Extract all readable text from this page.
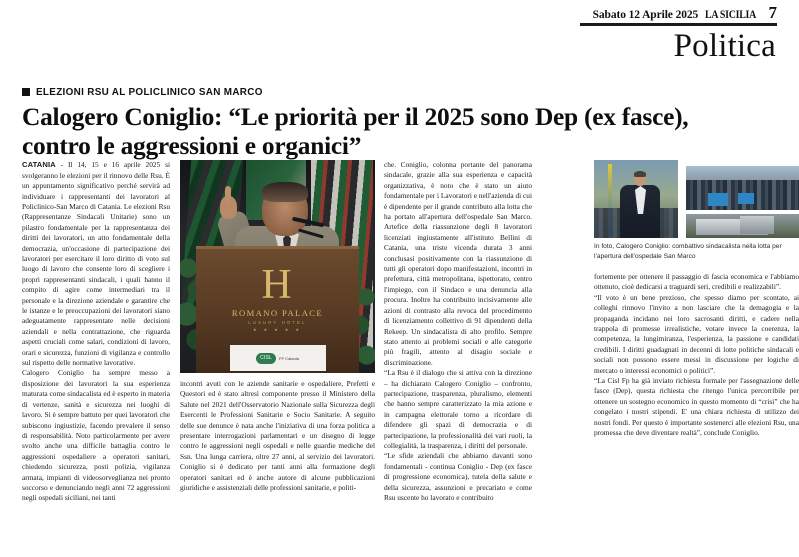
Sabato 12 Aprile 2025 LA SICILIA 7
Politica
ELEZIONI RSU AL POLICLINICO SAN MARCO
Calogero Coniglio: “Le priorità per il 2025 sono Dep (ex fasce),
contro le aggressioni e organici”

CATANIA - Il 14, 15 e 16 aprile 2025 si svolgeranno le elezioni per il rinnovo delle Rsu. È un appuntamento significativo perché servirà ad individuare i rappresentanti dei lavoratori al Policlinico-San Marco di Catania. Le elezioni Rsu (Rappresentanze Sindacali Unitarie) sono un pilastro fondamentale per la rappresentanza dei diritti dei lavoratori, un atto fondamentale della democrazia, un'occasione di partecipazione dei lavoratori per esercitare il loro diritto di voto sul luogo di lavoro che consente loro di scegliere i propri rappresentanti sindacali, i quali hanno il compito di agire come intermediari tra il personale e la direzione aziendale e garantire che le istanze e le preoccupazioni dei lavoratori siano adeguatamente rappresentate nelle decisioni aziendali e nella contrattazione, che riguarda aspetti cruciali come salari, condizioni di lavoro, orari e sicurezza, funzioni di vigilanza e controllo sul rispetto delle normative lavorative.

Calogero Coniglio ha sempre messo a disposizione dei lavoratori la sua esperienza maturata come sindacalista ed è esperto in materia di vertenze, sanità e sicurezza nei luoghi di lavoro. Si è sempre battuto per quei lavoratori che subiscono ingiustizie, facendo prevalere il senso di responsabilità. Noto particolarmente per avere svolto anche una difficile battaglia contro le aggressioni ospedaliere a operatori sanitari, chiedendo sicurezza, posti polizia, vigilanza armata, impianti di videosorveglianza nei pronto soccorso e denunciando negli anni 72 aggressioni negli ospedali siciliani, nei tanti

H
ROMANO PALACE
LUXURY HOTEL
★ ★ ★ ★ ★
CISL	FP Catania

incontri avuti con le aziende sanitarie e ospedaliere, Prefetti e Questori ed è stato altresì componente presso il Ministero della Salute nel 2021 dell'Osservatorio Nazionale sulla Sicurezza degli Esercenti le Professioni Sanitarie e Socio Sanitarie. A seguito delle sue denunce è nata anche l'iniziativa di una forza politica a presentare interrogazioni parlamentari e un disegno di legge contro le aggressioni negli ospedali e nelle guardie mediche del Ssn. Una lunga carriera, oltre 27 anni, al servizio dei lavoratori. Coniglio si è dedicato per tanti anni alla formazione degli operatori sanitari ed è anche autore di alcune pubblicazioni giuridiche e assistenziali delle professioni sanitarie, e politi-

che. Coniglio, colonna portante del panorama sindacale, grazie alla sua esperienza e capacità organizzativa, è noto che è stato un aiuto fondamentale per i Lavoratori e nell'azienda di cui è dipendente per il grande contributo alla lotta che ha portato all'apertura dell'ospedale San Marco. Artefice della riassunzione degli 8 lavoratori licenziati ingiustamente all'istituto Bellini di Catania, una triste vicenda durata 3 anni conclusasi positivamente con la riassunzione di tutti gli operatori dopo manifestazioni, incontri in prefettura, città metropolitana, ispettorato, centro l'impiego, con il Sindaco e una denuncia alla procura. Inoltre ha contribuito incisivamente alle azioni di contrasto alla revoca del procedimento di licenziamento collettivo di 91 dipendenti della Rekeep. Un sindacalista di alto profilo. Sempre stato attento ai problemi sociali e alle categorie più fragili, attento al disagio sociale e discriminazione.

“La Rsu è il dialogo che si attiva con la direzione – ha dichiarato Calogero Coniglio – confronto, partecipazione, trasparenza, pluralismo, elementi che hanno sempre caratterizzato la mia azione e in campagna elettorale torno a ricordare di difendere gli spazi di democrazia e di partecipazione, la professionalità dei vari ruoli, la collegialità, la trasparenza, i diritti del personale.

“Le sfide aziendali che abbiamo davanti sono fondamentali - continua Coniglio - Dep (ex fasce di progressione economica), tutela della salute e della sicurezza, assunzioni e precariato e come Rsu uscente ho lavorato e contribuito

In foto, Calogero Coniglio: combattivo sindacalista nella lotta per l’apertura dell’ospedale San Marco

fortemente per ottenere il passaggio di fascia economica e l'abbiamo ottenuto, cioè dedicarsi a traguardi seri, credibili e realizzabili”.

“Il voto è un bene prezioso, che spesso diamo per scontato, ai colleghi rinnovo l'invito a non lasciare che la demagogia e la propaganda incidano nei loro sacrosanti diritti, e cadere nella trappola di promesse irrealistiche, votare invece la coerenza, la competenza, la lungimiranza, l'esperienza, la passione e candidati credibili. I diritti guadagnati in decenni di lotte politiche sindacali e sociali non possono essere messi in discussione per logiche di mercato o interessi economici o politici”.

“La Cisl Fp ha già inviato richiesta formale per l'assegnazione delle fasce (Dep), questa richiesta che ritengo l'unica percorribile per ottenere un sostegno economico in questo momento di “crisi” che ha congelato i nostri stipendi. E' una chiara richiesta di utilizzo dei nostri fondi. Per questo è importante sostenerci alle elezioni Rsu, una promessa che deve diventare realtà”, conclude Coniglio.
